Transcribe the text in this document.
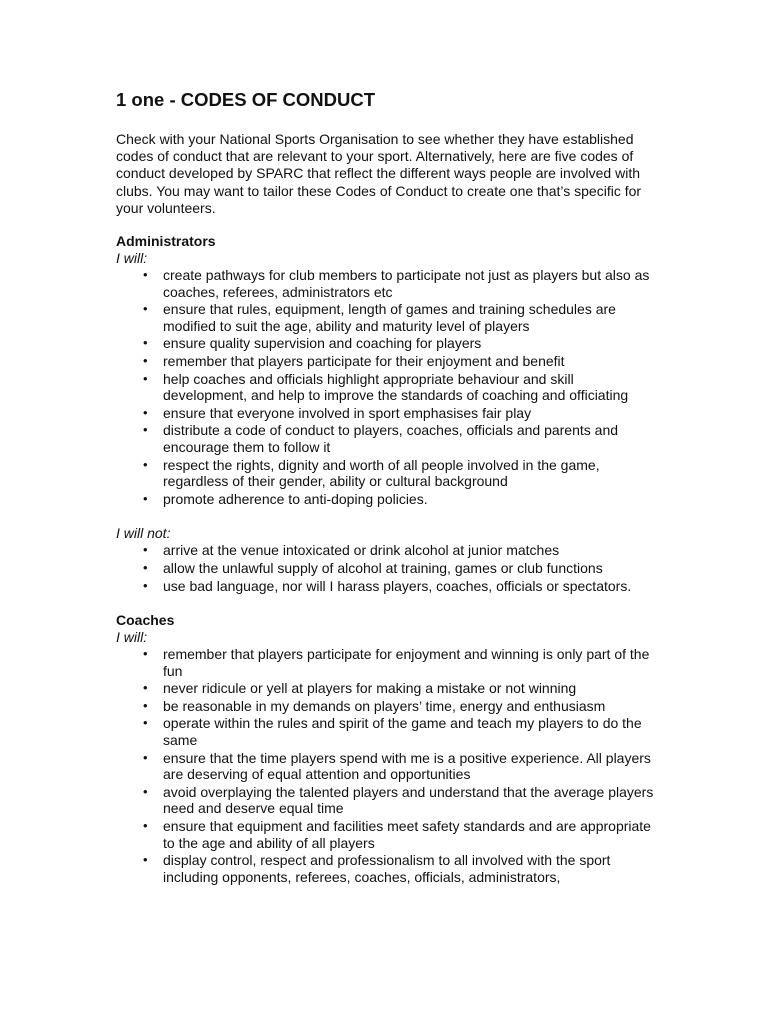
1 one - CODES OF CONDUCT

Check with your National Sports Organisation to see whether they have established codes of conduct that are relevant to your sport. Alternatively, here are five codes of conduct developed by SPARC that reflect the different ways people are involved with clubs. You may want to tailor these Codes of Conduct to create one that’s specific for your volunteers.

Administrators
I will:
• create pathways for club members to participate not just as players but also as coaches, referees, administrators etc
• ensure that rules, equipment, length of games and training schedules are modified to suit the age, ability and maturity level of players
• ensure quality supervision and coaching for players
• remember that players participate for their enjoyment and benefit
• help coaches and officials highlight appropriate behaviour and skill development, and help to improve the standards of coaching and officiating
• ensure that everyone involved in sport emphasises fair play
• distribute a code of conduct to players, coaches, officials and parents and encourage them to follow it
• respect the rights, dignity and worth of all people involved in the game, regardless of their gender, ability or cultural background
• promote adherence to anti-doping policies.
I will not:
• arrive at the venue intoxicated or drink alcohol at junior matches
• allow the unlawful supply of alcohol at training, games or club functions
• use bad language, nor will I harass players, coaches, officials or spectators.
Coaches
I will:
• remember that players participate for enjoyment and winning is only part of the fun
• never ridicule or yell at players for making a mistake or not winning
• be reasonable in my demands on players’ time, energy and enthusiasm
• operate within the rules and spirit of the game and teach my players to do the same
• ensure that the time players spend with me is a positive experience. All players are deserving of equal attention and opportunities
• avoid overplaying the talented players and understand that the average players need and deserve equal time
• ensure that equipment and facilities meet safety standards and are appropriate to the age and ability of all players
• display control, respect and professionalism to all involved with the sport including opponents, referees, coaches, officials, administrators,
